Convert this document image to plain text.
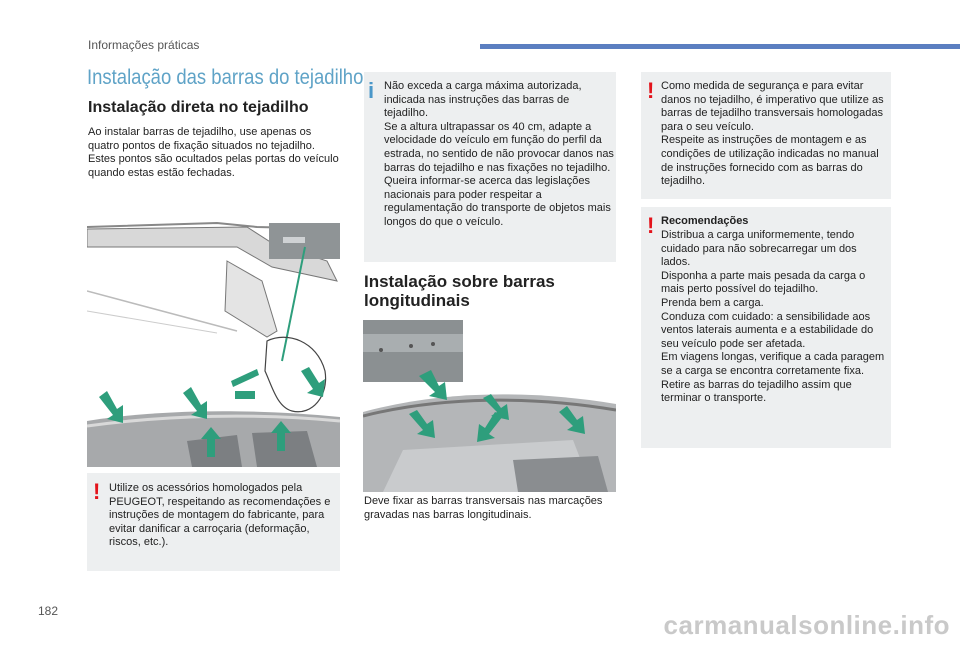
Informações práticas
Instalação das barras do tejadilho
Instalação direta no tejadilho
Ao instalar barras de tejadilho, use apenas os quatro pontos de fixação situados no tejadilho. Estes pontos são ocultados pelas portas do veículo quando estas estão fechadas.
! Utilize os acessórios homologados pela PEUGEOT, respeitando as recomendações e instruções de montagem do fabricante, para evitar danificar a carroçaria (deformação, riscos, etc.).
i Não exceda a carga máxima autorizada, indicada nas instruções das barras de tejadilho.
Se a altura ultrapassar os 40 cm, adapte a velocidade do veículo em função do perfil da estrada, no sentido de não provocar danos nas barras do tejadilho e nas fixações no tejadilho.
Queira informar-se acerca das legislações nacionais para poder respeitar a regulamentação do transporte de objetos mais longos do que o veículo.
Instalação sobre barras longitudinais
Deve fixar as barras transversais nas marcações gravadas nas barras longitudinais.
! Como medida de segurança e para evitar danos no tejadilho, é imperativo que utilize as barras de tejadilho transversais homologadas para o seu veículo.
Respeite as instruções de montagem e as condições de utilização indicadas no manual de instruções fornecido com as barras do tejadilho.
! Recomendações
Distribua a carga uniformemente, tendo cuidado para não sobrecarregar um dos lados.
Disponha a parte mais pesada da carga o mais perto possível do tejadilho.
Prenda bem a carga.
Conduza com cuidado: a sensibilidade aos ventos laterais aumenta e a estabilidade do seu veículo pode ser afetada.
Em viagens longas, verifique a cada paragem se a carga se encontra corretamente fixa.
Retire as barras do tejadilho assim que terminar o transporte.
182	carmanualsonline.info
